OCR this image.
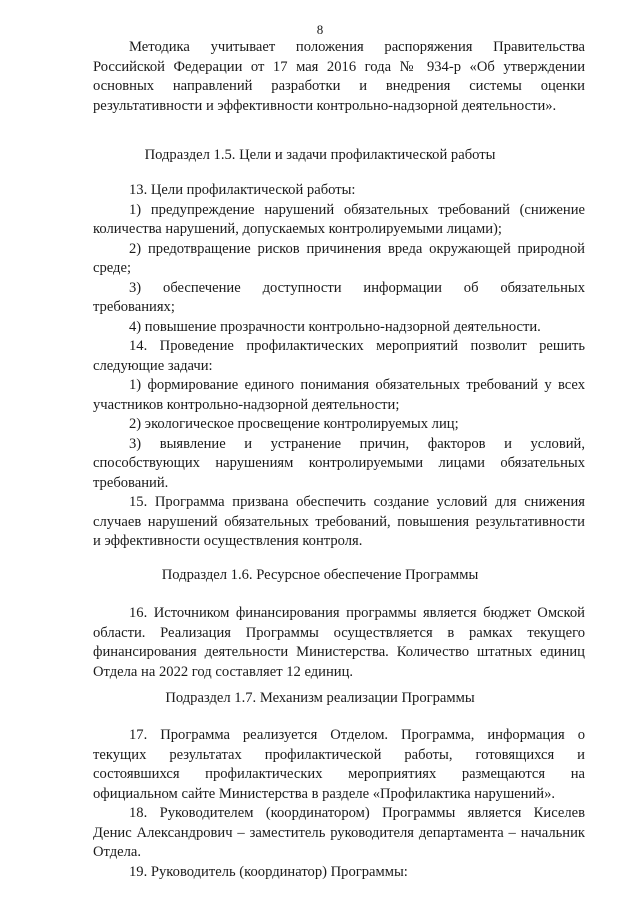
8
Методика учитывает положения распоряжения Правительства
Российской Федерации от 17 мая 2016 года № 934-р «Об утверждении
основных направлений разработки и внедрения системы оценки
результативности и эффективности контрольно-надзорной деятельности».
Подраздел 1.5. Цели и задачи профилактической работы
13. Цели профилактической работы:
1) предупреждение нарушений обязательных требований (снижение
количества нарушений, допускаемых контролируемыми лицами);
2) предотвращение рисков причинения вреда окружающей природной
среде;
3) обеспечение доступности информации об обязательных
требованиях;
4) повышение прозрачности контрольно-надзорной деятельности.
14. Проведение профилактических мероприятий позволит решить
следующие задачи:
1) формирование единого понимания обязательных требований у всех
участников контрольно-надзорной деятельности;
2) экологическое просвещение контролируемых лиц;
3) выявление и устранение причин, факторов и условий,
способствующих нарушениям контролируемыми лицами обязательных
требований.
15. Программа призвана обеспечить создание условий для снижения
случаев нарушений обязательных требований, повышения результативности
и эффективности осуществления контроля.
Подраздел 1.6. Ресурсное обеспечение Программы
16. Источником финансирования программы является бюджет Омской
области. Реализация Программы осуществляется в рамках текущего
финансирования деятельности Министерства. Количество штатных единиц
Отдела на 2022 год составляет 12 единиц.
Подраздел 1.7. Механизм реализации Программы
17. Программа реализуется Отделом. Программа, информация о
текущих результатах профилактической работы, готовящихся и
состоявшихся профилактических мероприятиях размещаются на
официальном сайте Министерства в разделе «Профилактика нарушений».
18. Руководителем (координатором) Программы является Киселев
Денис Александрович – заместитель руководителя департамента – начальник
Отдела.
19. Руководитель (координатор) Программы:
